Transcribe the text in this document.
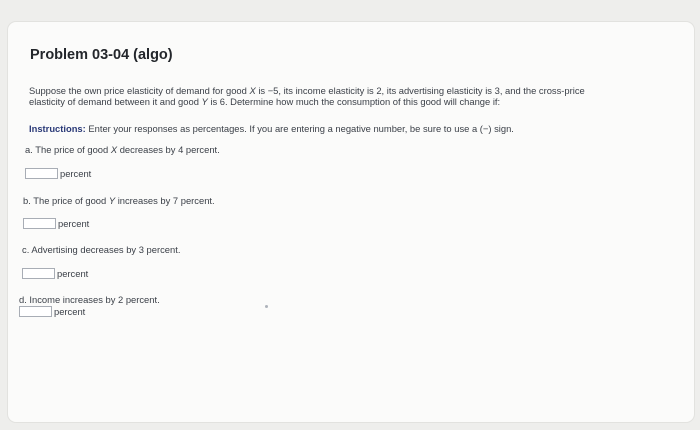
Problem 03-04 (algo)
Suppose the own price elasticity of demand for good X is −5, its income elasticity is 2, its advertising elasticity is 3, and the cross-price
elasticity of demand between it and good Y is 6. Determine how much the consumption of this good will change if:
Instructions: Enter your responses as percentages. If you are entering a negative number, be sure to use a (−) sign.
a. The price of good X decreases by 4 percent.
percent
b. The price of good Y increases by 7 percent.
percent
c. Advertising decreases by 3 percent.
percent
d. Income increases by 2 percent.
percent
